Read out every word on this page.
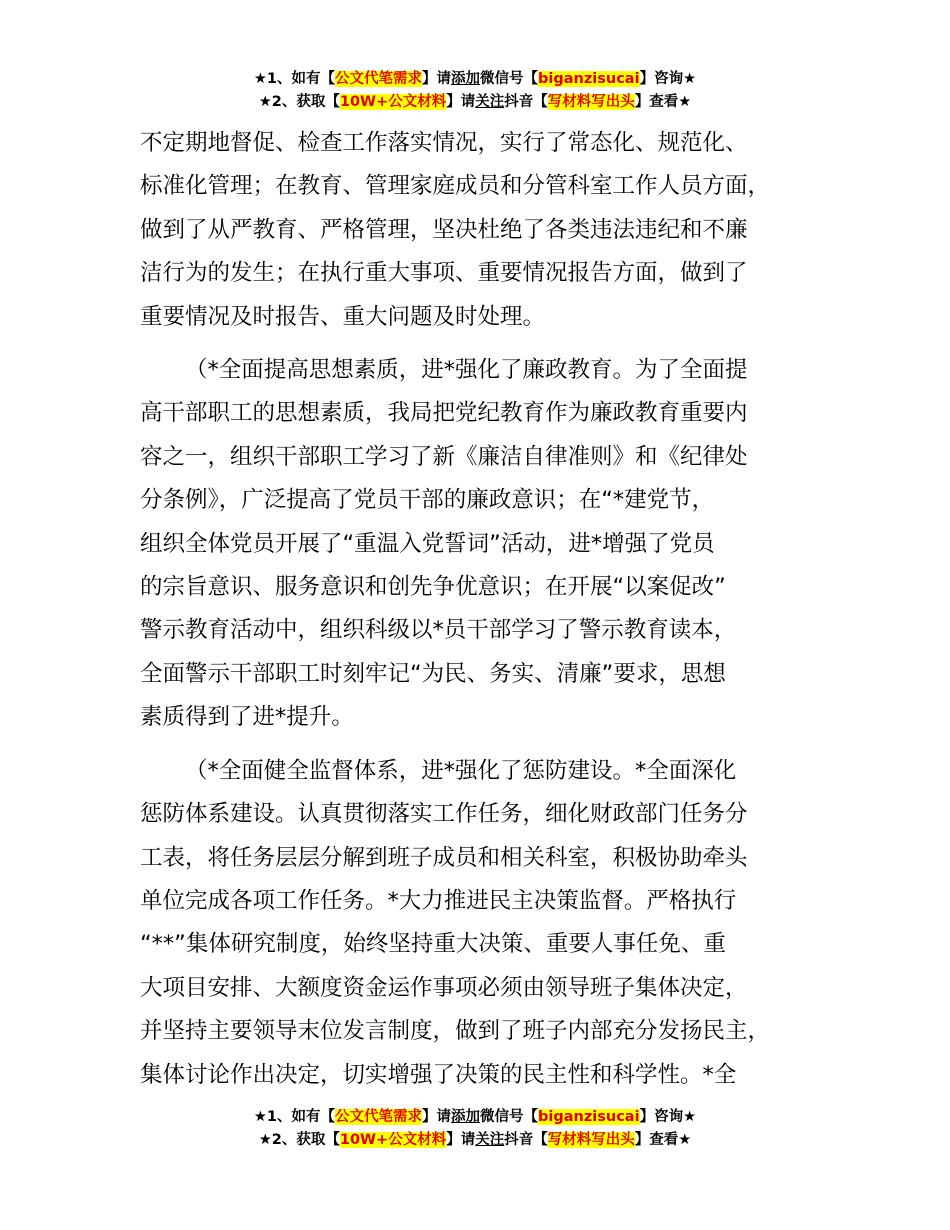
★1、如有【公文代笔需求】请添加微信号【biganzisucai】咨询★
★2、获取【10W+公文材料】请关注抖音【写材料写出头】查看★

不定期地督促、检查工作落实情况，实行了常态化、规范化、
标准化管理；在教育、管理家庭成员和分管科室工作人员方面，
做到了从严教育、严格管理，坚决杜绝了各类违法违纪和不廉
洁行为的发生；在执行重大事项、重要情况报告方面，做到了
重要情况及时报告、重大问题及时处理。

（*全面提高思想素质，进*强化了廉政教育。为了全面提
高干部职工的思想素质，我局把党纪教育作为廉政教育重要内
容之一，组织干部职工学习了新《廉洁自律准则》和《纪律处
分条例》，广泛提高了党员干部的廉政意识；在“*建党节，
组织全体党员开展了“重温入党誓词”活动，进*增强了党员
的宗旨意识、服务意识和创先争优意识；在开展“以案促改”
警示教育活动中，组织科级以*员干部学习了警示教育读本，
全面警示干部职工时刻牢记“为民、务实、清廉”要求，思想
素质得到了进*提升。

（*全面健全监督体系，进*强化了惩防建设。*全面深化
惩防体系建设。认真贯彻落实工作任务，细化财政部门任务分
工表，将任务层层分解到班子成员和相关科室，积极协助牵头
单位完成各项工作任务。*大力推进民主决策监督。严格执行
“**”集体研究制度，始终坚持重大决策、重要人事任免、重
大项目安排、大额度资金运作事项必须由领导班子集体决定，
并坚持主要领导末位发言制度，做到了班子内部充分发扬民主，
集体讨论作出决定，切实增强了决策的民主性和科学性。*全

★1、如有【公文代笔需求】请添加微信号【biganzisucai】咨询★
★2、获取【10W+公文材料】请关注抖音【写材料写出头】查看★
